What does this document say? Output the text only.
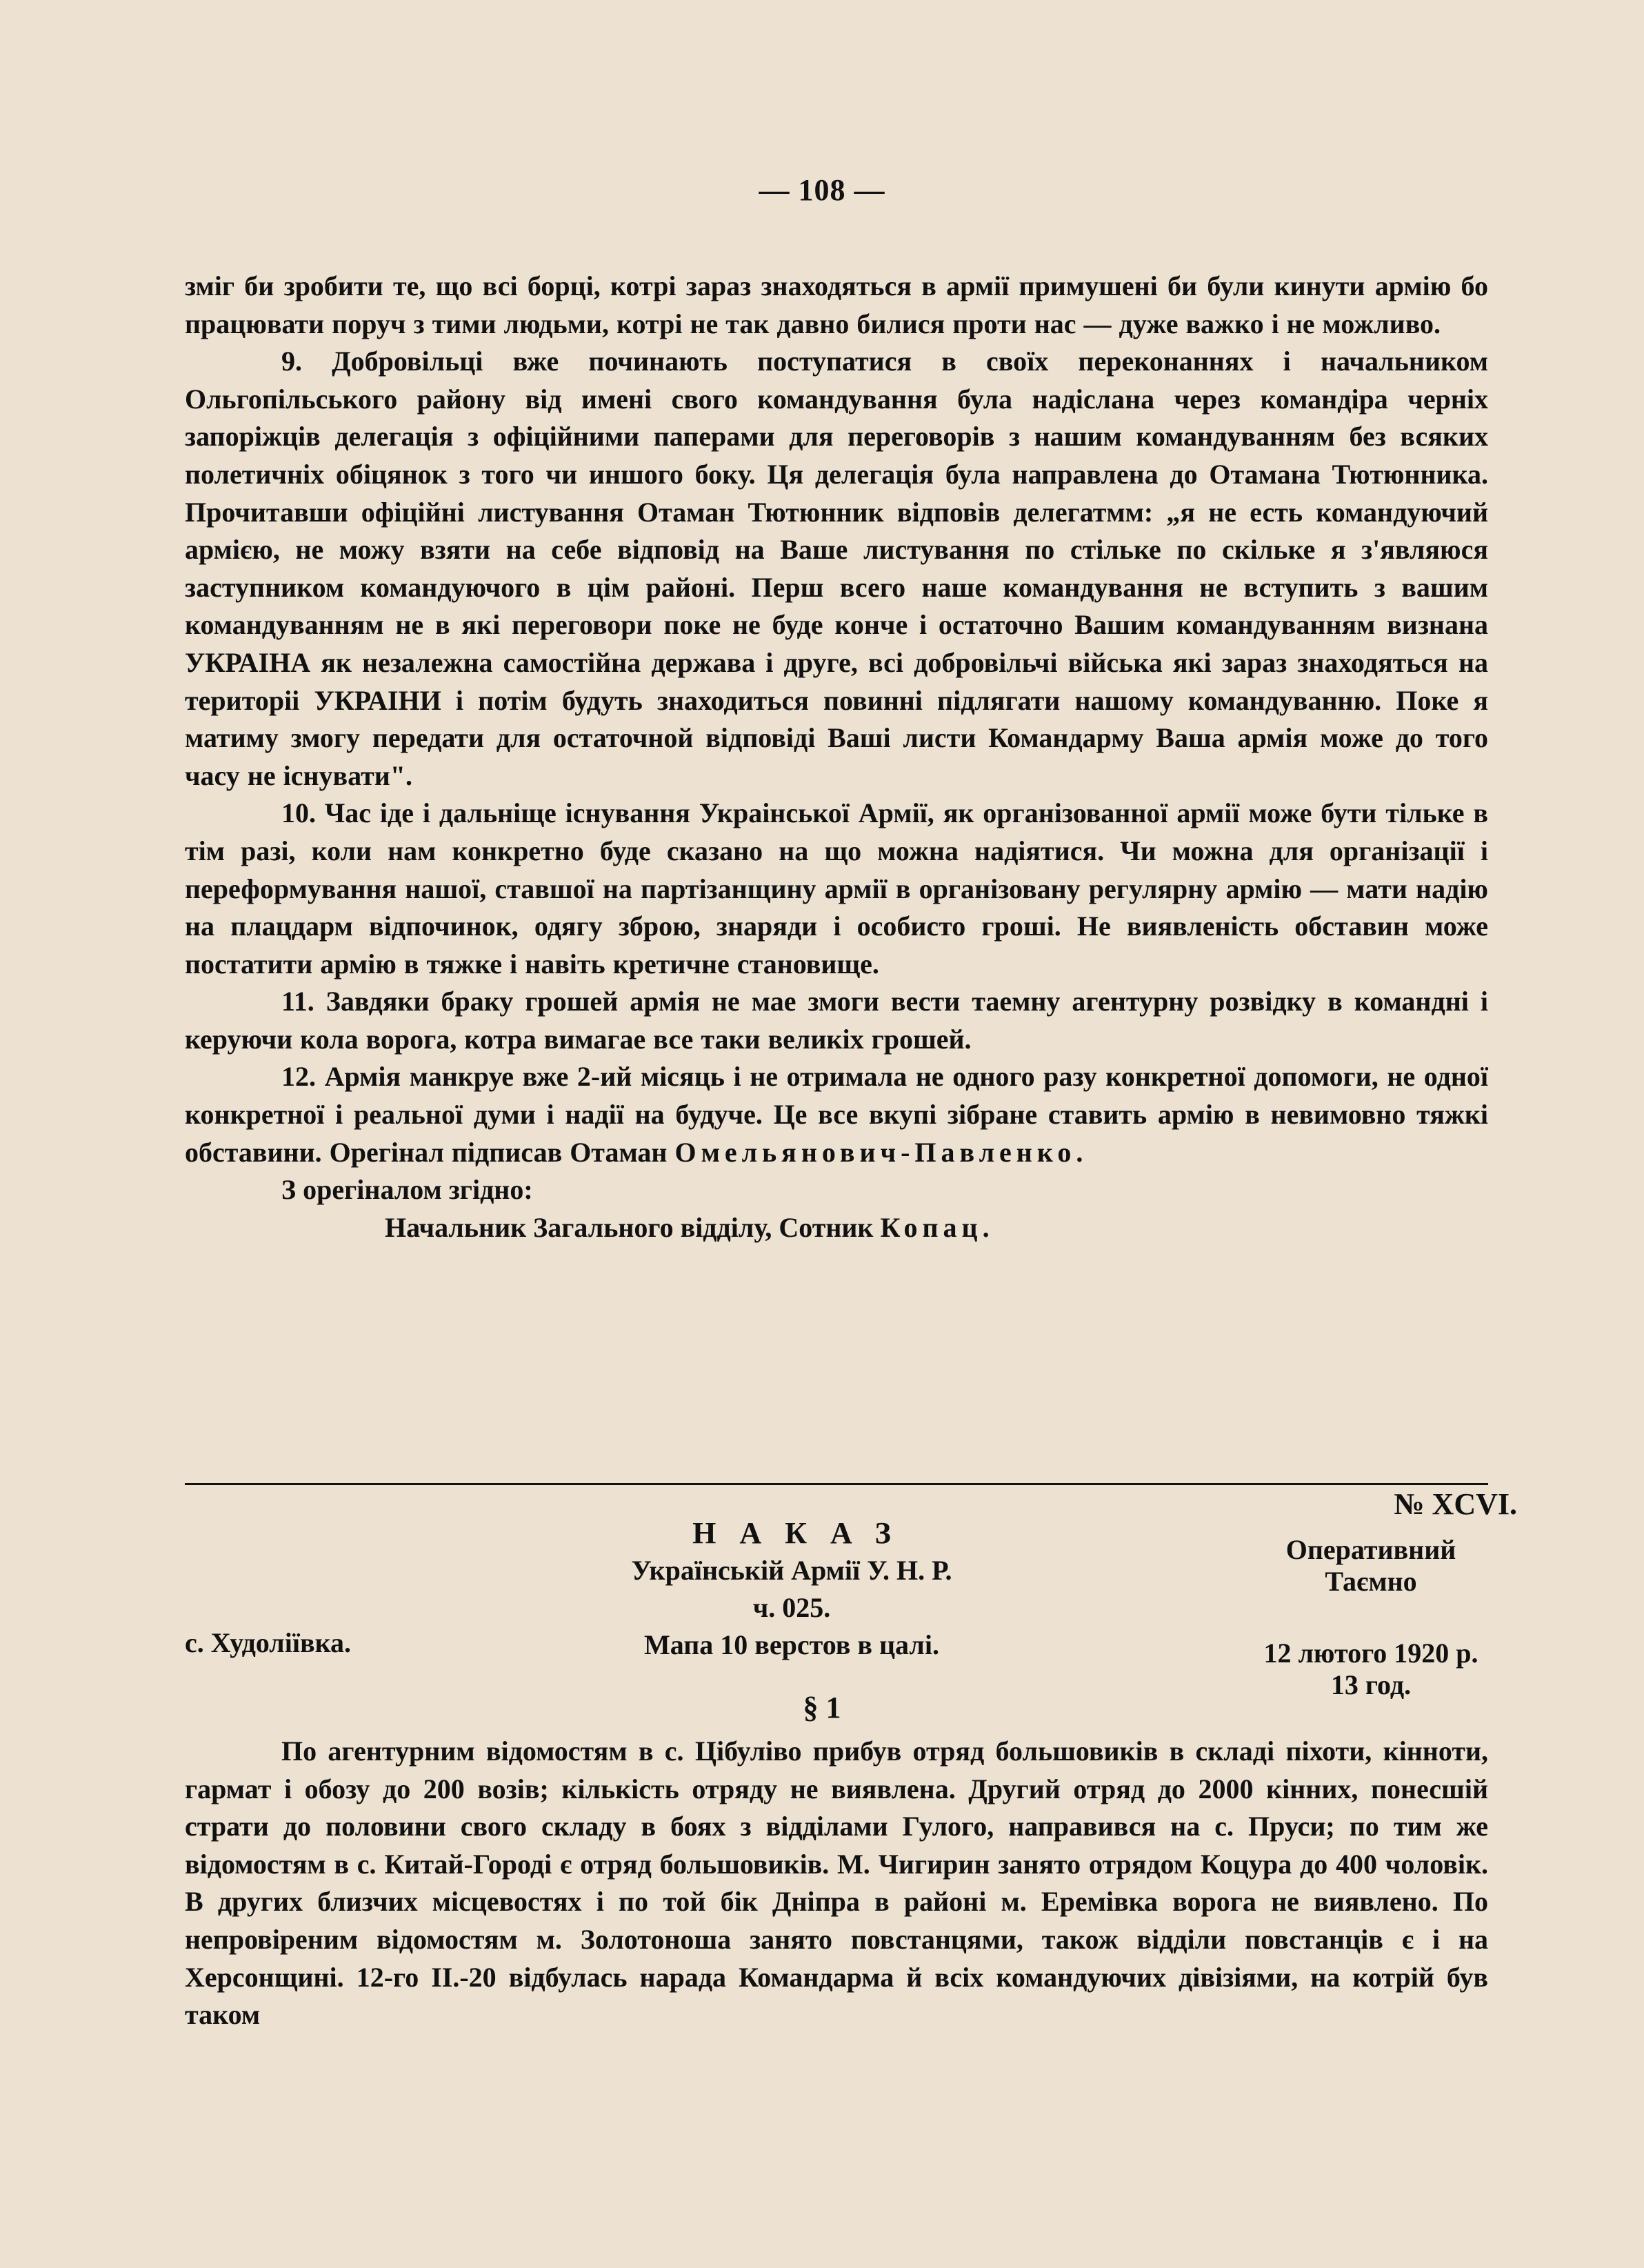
— 108 —

зміг би зробити те, що всі борці, котрі зараз знаходяться в армії примушені би були кинути армію бо працювати поруч з тими людьми, котрі не так давно билися проти нас — дуже важко і не можливо.

9. Добровільці вже починають поступатися в своїх переконаннях і начальником Ольгопільського району від имені свого командування була надіслана через командіра черніх запоріжців делегація з офіційними паперами для переговорів з нашим командуванням без всяких полетичніх обіцянок з того чи иншого боку. Ця делегація була направлена до Отамана Тютюнника. Прочитавши офіційні листування Отаман Тютюнник відповів делегатмм: „я не есть командуючий армією, не можу взяти на себе відповід на Ваше листування по стільке по скільке я з'являюся заступником командуючого в цім районі. Перш всего наше командування не вступить з вашим командуванням не в які переговори поке не буде конче і остаточно Вашим командуванням визнана УКРАІНА як незалежна самостійна держава і друге, всі добровільчі війська які зараз знаходяться на територіі УКРАІНИ і потім будуть знаходиться повинні підлягати нашому командуванню. Поке я матиму змогу передати для остаточной відповіді Ваші листи Командарму Ваша армія може до того часу не існувати".

10. Час іде і дальніще існування Украінської Армії, як організованної армії може бути тільке в тім разі, коли нам конкретно буде сказано на що можна надіятися. Чи можна для організації і переформування нашої, ставшої на партізанщину армії в організовану регулярну армію — мати надію на плацдарм відпочинок, одягу зброю, знаряди і особисто гроші. Не виявленість обставин може постатити армію в тяжке і навіть кретичне становище.

11. Завдяки браку грошей армія не мае змоги вести таемну агентурну розвідку в командні і керуючи кола ворога, котра вимагае все таки великіх грошей.

12. Армія манкруе вже 2-ий місяць і не отримала не одного разу конкретної допомоги, не одної конкретної і реальної думи і надії на будуче. Це все вкупі зібране ставить армію в невимовно тяжкі обставини. Орегінал підписав Отаман Омельянович-Павленко.

З орегіналом згідно:

Начальник Загального відділу, Сотник Копац.

НАКАЗ
Українській Армії У. Н. Р.
ч. 025.
Мапа 10 верстов в цалі.
№ XCVI.
Оперативний
Таємно
12 лютого 1920 р.
13 год.
с. Худоліївка.
§ 1

По агентурним відомостям в с. Цібуліво прибув отряд большовиків в складі піхоти, кінноти, гармат і обозу до 200 возів; кількість отряду не виявлена. Другий отряд до 2000 кінних, понесшій страти до половини свого складу в боях з відділами Гулого, направився на с. Пруси; по тим же відомостям в с. Китай-Городі є отряд большовиків. М. Чигирин занято отрядом Коцура до 400 чоловік. В других близчих місцевостях і по той бік Дніпра в районі м. Еремівка ворога не виявлено. По непровіреним відомостям м. Золотоноша занято повстанцями, також відділи повстанців є і на Херсонщині. 12-го II.-20 відбулась нарада Командарма й всіх командуючих дівізіями, на котрій був таком
